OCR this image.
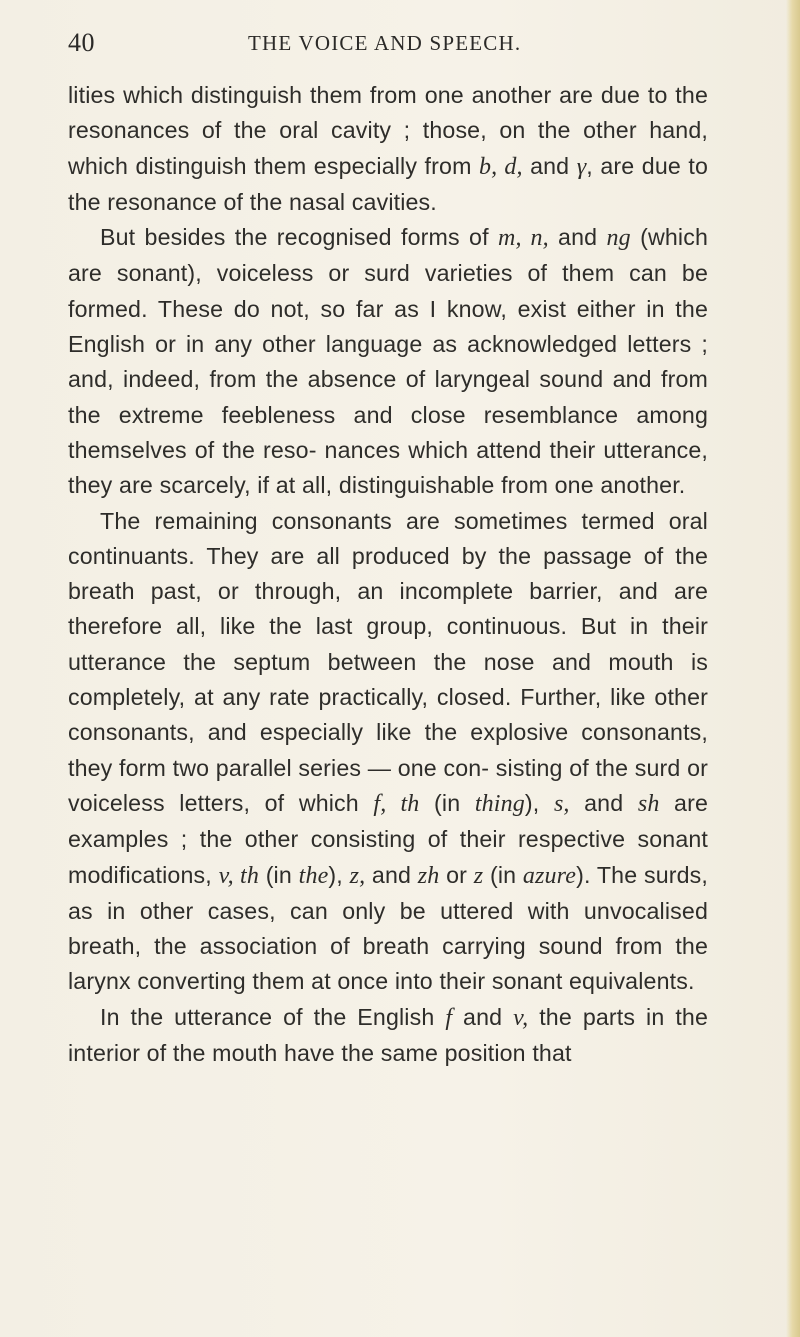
40	THE VOICE AND SPEECH.

lities which distinguish them from one another are due to the resonances of the oral cavity ; those, on the other hand, which distinguish them especially from b, d, and γ, are due to the resonance of the nasal cavities.

But besides the recognised forms of m, n, and ng (which are sonant), voiceless or surd varieties of them can be formed. These do not, so far as I know, exist either in the English or in any other language as acknowledged letters ; and, indeed, from the absence of laryngeal sound and from the extreme feebleness and close resemblance among themselves of the reso- nances which attend their utterance, they are scarcely, if at all, distinguishable from one another.

The remaining consonants are sometimes termed oral continuants. They are all produced by the passage of the breath past, or through, an incomplete barrier, and are therefore all, like the last group, continuous. But in their utterance the septum between the nose and mouth is completely, at any rate practically, closed. Further, like other consonants, and especially like the explosive consonants, they form two parallel series — one con- sisting of the surd or voiceless letters, of which f, th (in thing), s, and sh are examples ; the other consisting of their respective sonant modifications, v, th (in the), z, and zh or z (in azure). The surds, as in other cases, can only be uttered with unvocalised breath, the association of breath carrying sound from the larynx converting them at once into their sonant equivalents.

In the utterance of the English f and v, the parts in the interior of the mouth have the same position that
